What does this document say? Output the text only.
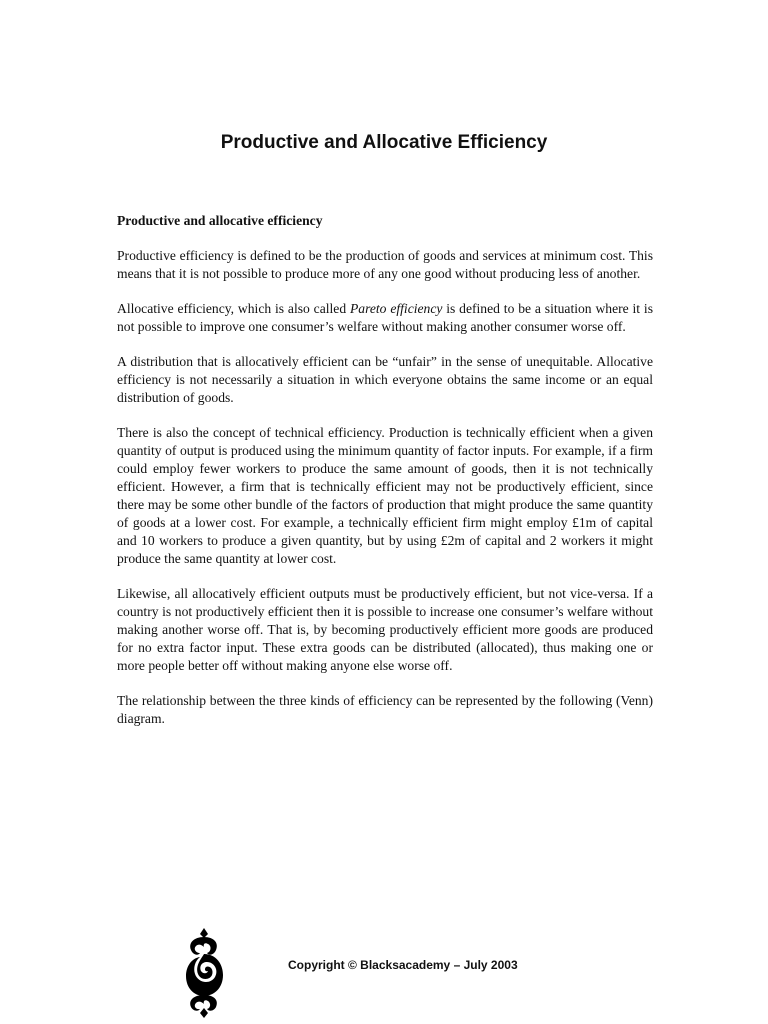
Productive and Allocative Efficiency

Productive and allocative efficiency

Productive efficiency is defined to be the production of goods and services at minimum cost. This means that it is not possible to produce more of any one good without producing less of another.

Allocative efficiency, which is also called Pareto efficiency is defined to be a situation where it is not possible to improve one consumer’s welfare without making another consumer worse off.

A distribution that is allocatively efficient can be “unfair” in the sense of unequitable. Allocative efficiency is not necessarily a situation in which everyone obtains the same income or an equal distribution of goods.

There is also the concept of technical efficiency. Production is technically efficient when a given quantity of output is produced using the minimum quantity of factor inputs. For example, if a firm could employ fewer workers to produce the same amount of goods, then it is not technically efficient. However, a firm that is technically efficient may not be productively efficient, since there may be some other bundle of the factors of production that might produce the same quantity of goods at a lower cost. For example, a technically efficient firm might employ £1m of capital and 10 workers to produce a given quantity, but by using £2m of capital and 2 workers it might produce the same quantity at lower cost.

Likewise, all allocatively efficient outputs must be productively efficient, but not vice-versa. If a country is not productively efficient then it is possible to increase one consumer’s welfare without making another worse off. That is, by becoming productively efficient more goods are produced for no extra factor input. These extra goods can be distributed (allocated), thus making one or more people better off without making anyone else worse off.

The relationship between the three kinds of efficiency can be represented by the following (Venn) diagram.

Copyright © Blacksacademy – July 2003
